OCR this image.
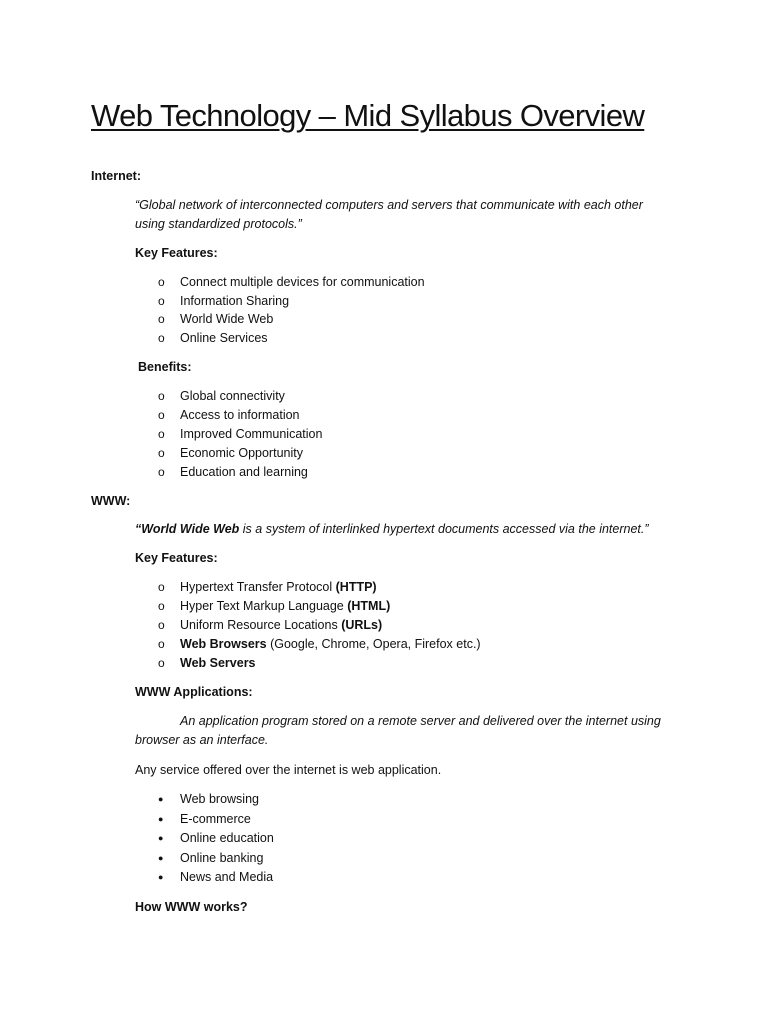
Web Technology – Mid Syllabus Overview
Internet:
“Global network of interconnected computers and servers that communicate with each other
using standardized protocols.”
Key Features:
o	Connect multiple devices for communication
o	Information Sharing
o	World Wide Web
o	Online Services
Benefits:
o	Global connectivity
o	Access to information
o	Improved Communication
o	Economic Opportunity
o	Education and learning
WWW:
“World Wide Web is a system of interlinked hypertext documents accessed via the internet.”
Key Features:
o	Hypertext Transfer Protocol (HTTP)
o	Hyper Text Markup Language (HTML)
o	Uniform Resource Locations (URLs)
o	Web Browsers (Google, Chrome, Opera, Firefox etc.)
o	Web Servers
WWW Applications:
An application program stored on a remote server and delivered over the internet using
browser as an interface.
Any service offered over the internet is web application.
●	Web browsing
●	E-commerce
●	Online education
●	Online banking
●	News and Media
How WWW works?
